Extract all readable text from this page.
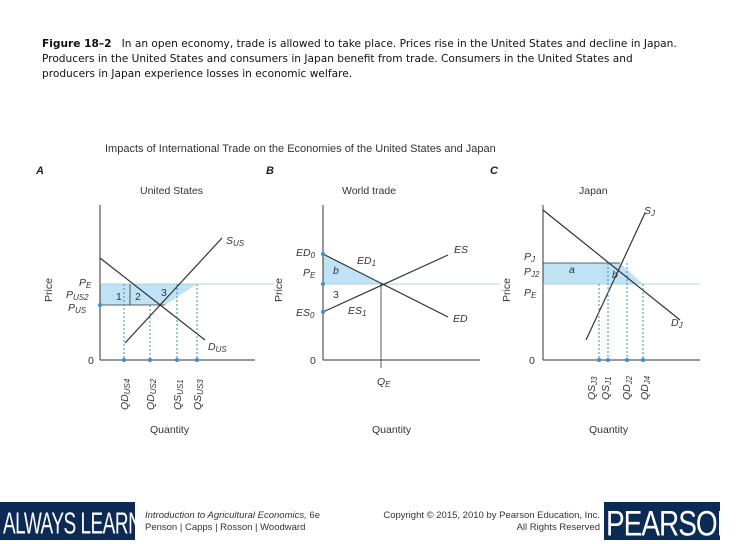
Figure 18–2 In an open economy, trade is allowed to take place. Prices rise in the United States and decline in Japan. Producers in the United States and consumers in Japan benefit from trade. Consumers in the United States and producers in Japan experience losses in economic welfare.
Impacts of International Trade on the Economies of the United States and Japan
A
United States
Price
Quantity
0
SUS
DUS
PE
PUS2
PUS
1 2 3
QDUS4
QDUS2
QSUS1
QSUS3
B
World trade
Price
Quantity
0
ED0
PE
ES0
b
3
ED1
ES1
ES
ED
QE
C
Japan
Price
Quantity
0
PJ
PJ2
PE
a	b
SJ
DJ
QSJ3
QSJ1
QDJ2
QDJ4
ALWAYS LEARNING
Introduction to Agricultural Economics, 6e
Penson | Capps | Rosson | Woodward
Copyright © 2015, 2010 by Pearson Education, Inc.
All Rights Reserved PEARSON
